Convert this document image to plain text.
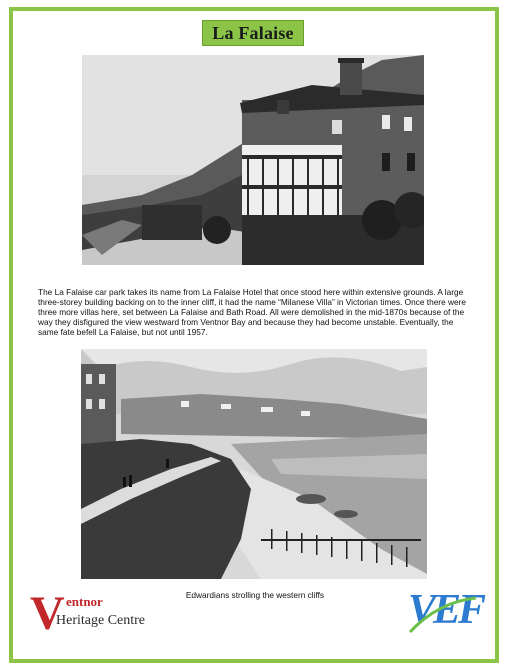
La Falaise

The La Falaise car park takes its name from La Falaise Hotel that once stood here within extensive grounds. A large three-storey building backing on to the inner cliff, it had the name “Milanese Villa” in Victorian times. Once there were three more villas here, set between La Falaise and Bath Road. All were demolished in the mid-1870s because of the way they disfigured the view westward from Ventnor Bay and because they had become unstable. Eventually, the same fate befell La Falaise, but not until 1957.

Edwardians strolling the western cliffs
V entnor
Heritage Centre	VEF
